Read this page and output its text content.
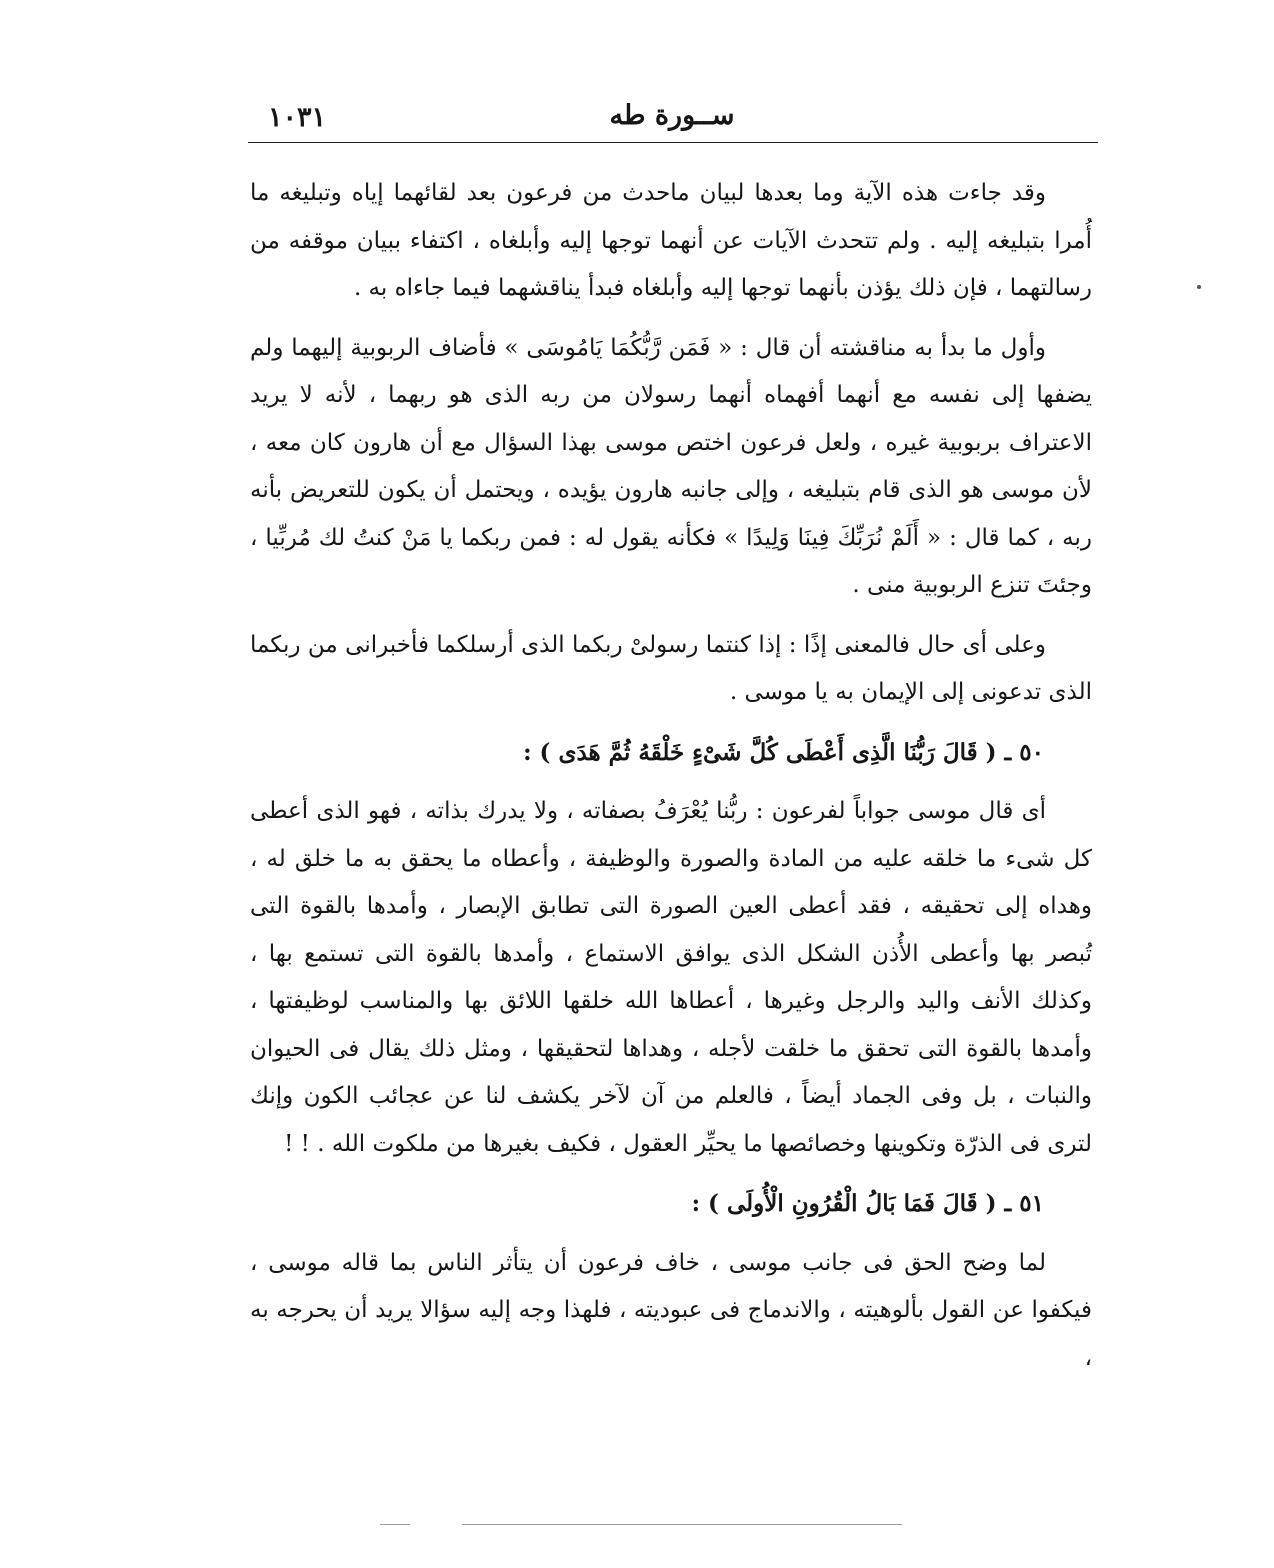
ســورة طه
١٠٣١

وقد جاءت هذه الآية وما بعدها لبيان ماحدث من فرعون بعد لقائهما إياه وتبليغه ما أُمرا بتبليغه إليه . ولم تتحدث الآيات عن أنهما توجها إليه وأبلغاه ، اكتفاء ببيان موقفه من رسالتهما ، فإن ذلك يؤذن بأنهما توجها إليه وأبلغاه فبدأ يناقشهما فيما جاءاه به .

وأول ما بدأ به مناقشته أن قال : « فَمَن رَّبُّكُمَا يَامُوسَى » فأضاف الربوبية إليهما ولم يضفها إلى نفسه مع أنهما أفهماه أنهما رسولان من ربه الذى هو ربهما ، لأنه لا يريد الاعتراف بربوبية غيره ، ولعل فرعون اختص موسى بهذا السؤال مع أن هارون كان معه ، لأن موسى هو الذى قام بتبليغه ، وإلى جانبه هارون يؤيده ، ويحتمل أن يكون للتعريض بأنه ربه ، كما قال : « أَلَمْ نُرَبِّكَ فِينَا وَلِيدًا » فكأنه يقول له : فمن ربكما يا مَنْ كنتُ لك مُربِّيا ، وجئتَ تنزع الربوبية منى .

وعلى أى حال فالمعنى إذًا : إذا كنتما رسولىْ ربكما الذى أرسلكما فأخبرانى من ربكما الذى تدعونى إلى الإيمان به يا موسى .

٥٠ ـ ( قَالَ رَبُّنَا الَّذِى أَعْطَى كُلَّ شَىْءٍ خَلْقَهُ ثُمَّ هَدَى ) :

أى قال موسى جواباً لفرعون : ربُّنا يُعْرَفُ بصفاته ، ولا يدرك بذاته ، فهو الذى أعطى كل شىء ما خلقه عليه من المادة والصورة والوظيفة ، وأعطاه ما يحقق به ما خلق له ، وهداه إلى تحقيقه ، فقد أعطى العين الصورة التى تطابق الإبصار ، وأمدها بالقوة التى تُبصر بها وأعطى الأُذن الشكل الذى يوافق الاستماع ، وأمدها بالقوة التى تستمع بها ، وكذلك الأنف واليد والرجل وغيرها ، أعطاها الله خلقها اللائق بها والمناسب لوظيفتها ، وأمدها بالقوة التى تحقق ما خلقت لأجله ، وهداها لتحقيقها ، ومثل ذلك يقال فى الحيوان والنبات ، بل وفى الجماد أيضاً ، فالعلم من آن لآخر يكشف لنا عن عجائب الكون وإنك لترى فى الذرّة وتكوينها وخصائصها ما يحيِّر العقول ، فكيف بغيرها من ملكوت الله . ! !

٥١ ـ ( قَالَ فَمَا بَالُ الْقُرُونِ الْأُولَى ) :

لما وضح الحق فى جانب موسى ، خاف فرعون أن يتأثر الناس بما قاله موسى ، فيكفوا عن القول بألوهيته ، والاندماج فى عبوديته ، فلهذا وجه إليه سؤالا يريد أن يحرجه به ،
